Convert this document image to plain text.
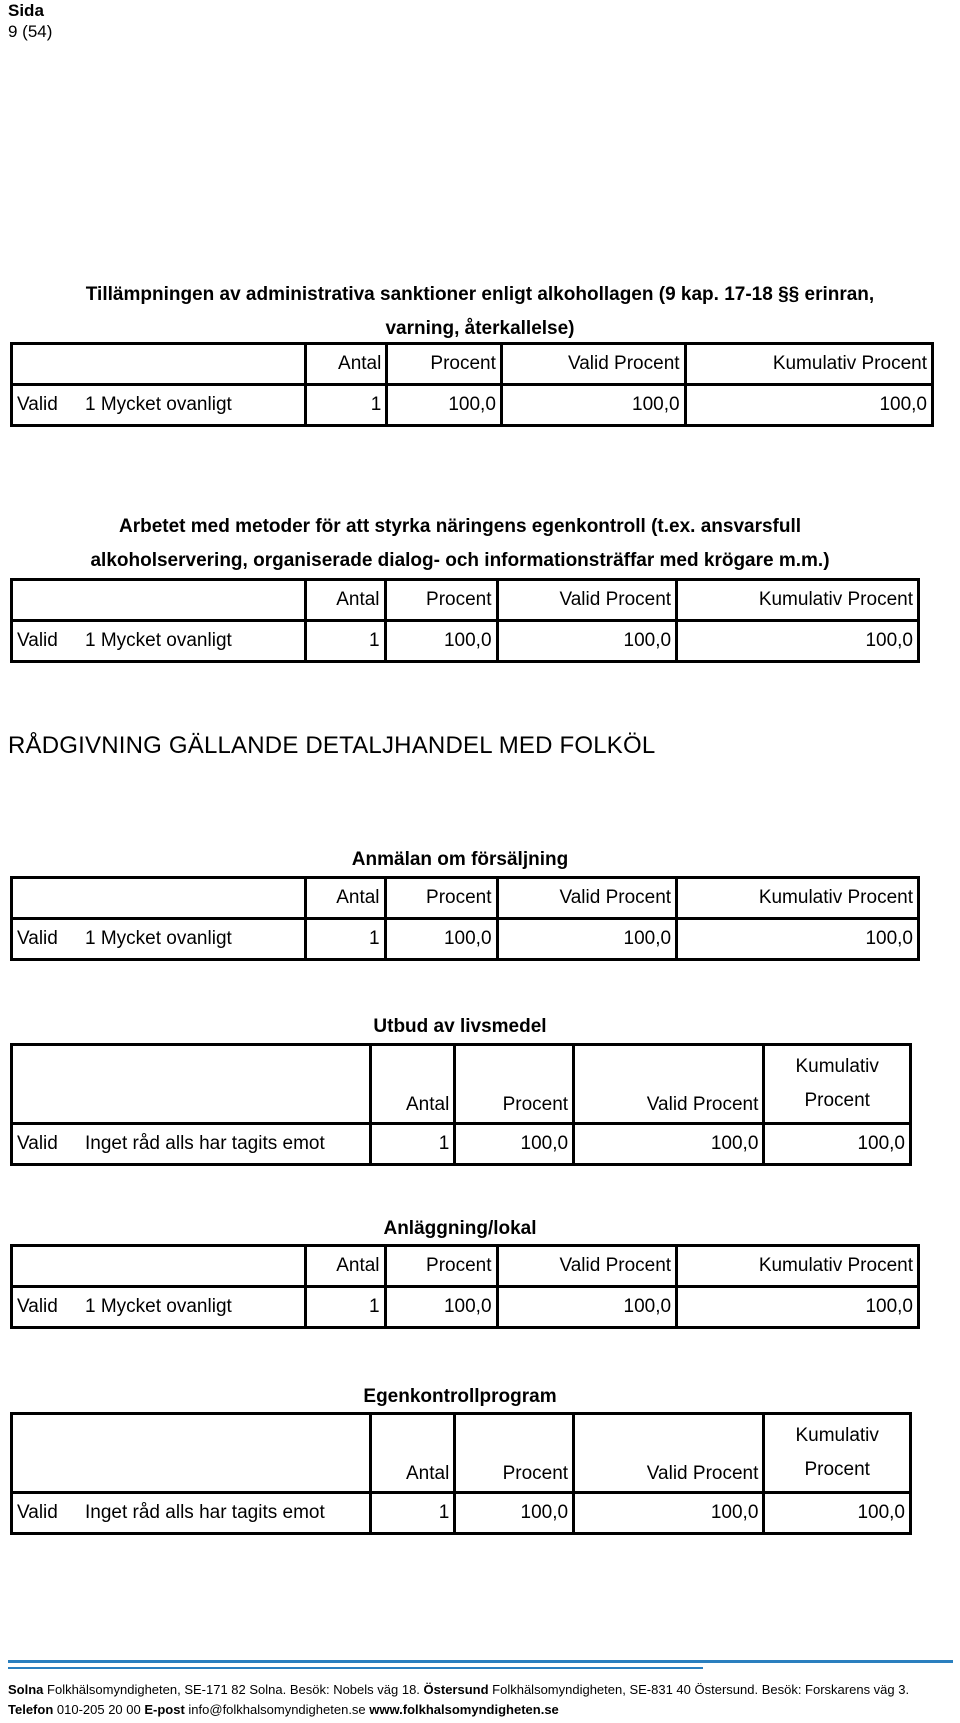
Sida
9 (54)
Tillämpningen av administrativa sanktioner enligt alkohollagen (9 kap. 17-18 §§ erinran,
varning, återkallelse)
		Antal	Procent	Valid Procent	Kumulativ Procent
Valid	1 Mycket ovanligt	1	100,0	100,0	100,0
Arbetet med metoder för att styrka näringens egenkontroll (t.ex. ansvarsfull
alkoholservering, organiserade dialog- och informationsträffar med krögare m.m.)
		Antal	Procent	Valid Procent	Kumulativ Procent
Valid	1 Mycket ovanligt	1	100,0	100,0	100,0
RÅDGIVNING GÄLLANDE DETALJHANDEL MED FOLKÖL
Anmälan om försäljning
		Antal	Procent	Valid Procent	Kumulativ Procent
Valid	1 Mycket ovanligt	1	100,0	100,0	100,0
Utbud av livsmedel
		Antal	Procent	Valid Procent	Kumulativ
Procent

Valid	Inget råd alls har tagits emot	1	100,0	100,0	100,0
Anläggning/lokal
		Antal	Procent	Valid Procent	Kumulativ Procent
Valid	1 Mycket ovanligt	1	100,0	100,0	100,0
Egenkontrollprogram
		Antal	Procent	Valid Procent	Kumulativ
Procent

Valid	Inget råd alls har tagits emot	1	100,0	100,0	100,0
Solna Folkhälsomyndigheten, SE-171 82 Solna. Besök: Nobels väg 18. Östersund Folkhälsomyndigheten, SE-831 40 Östersund. Besök: Forskarens väg 3.
Telefon 010-205 20 00 E-post info@folkhalsomyndigheten.se www.folkhalsomyndigheten.se
